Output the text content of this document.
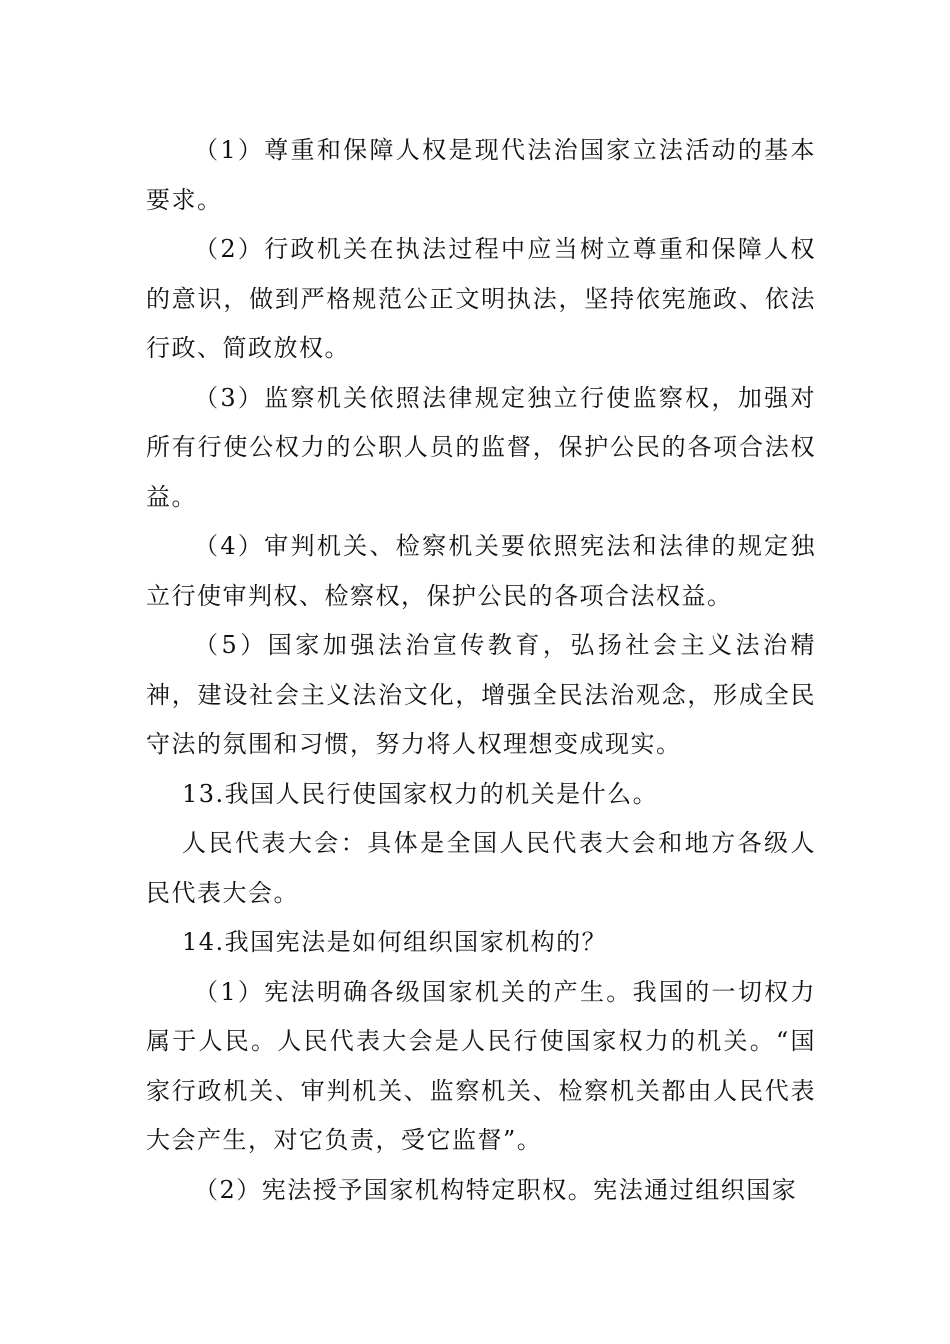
（1）尊重和保障人权是现代法治国家立法活动的基本要求。

（2）行政机关在执法过程中应当树立尊重和保障人权的意识，做到严格规范公正文明执法，坚持依宪施政、依法行政、简政放权。

（3）监察机关依照法律规定独立行使监察权，加强对所有行使公权力的公职人员的监督，保护公民的各项合法权益。

（4）审判机关、检察机关要依照宪法和法律的规定独立行使审判权、检察权，保护公民的各项合法权益。

（5）国家加强法治宣传教育，弘扬社会主义法治精神，建设社会主义法治文化，增强全民法治观念，形成全民守法的氛围和习惯，努力将人权理想变成现实。

13.我国人民行使国家权力的机关是什么。

人民代表大会：具体是全国人民代表大会和地方各级人民代表大会。

14.我国宪法是如何组织国家机构的？

（1）宪法明确各级国家机关的产生。我国的一切权力属于人民。人民代表大会是人民行使国家权力的机关。“国家行政机关、审判机关、监察机关、检察机关都由人民代表大会产生，对它负责，受它监督”。

（2）宪法授予国家机构特定职权。宪法通过组织国家
